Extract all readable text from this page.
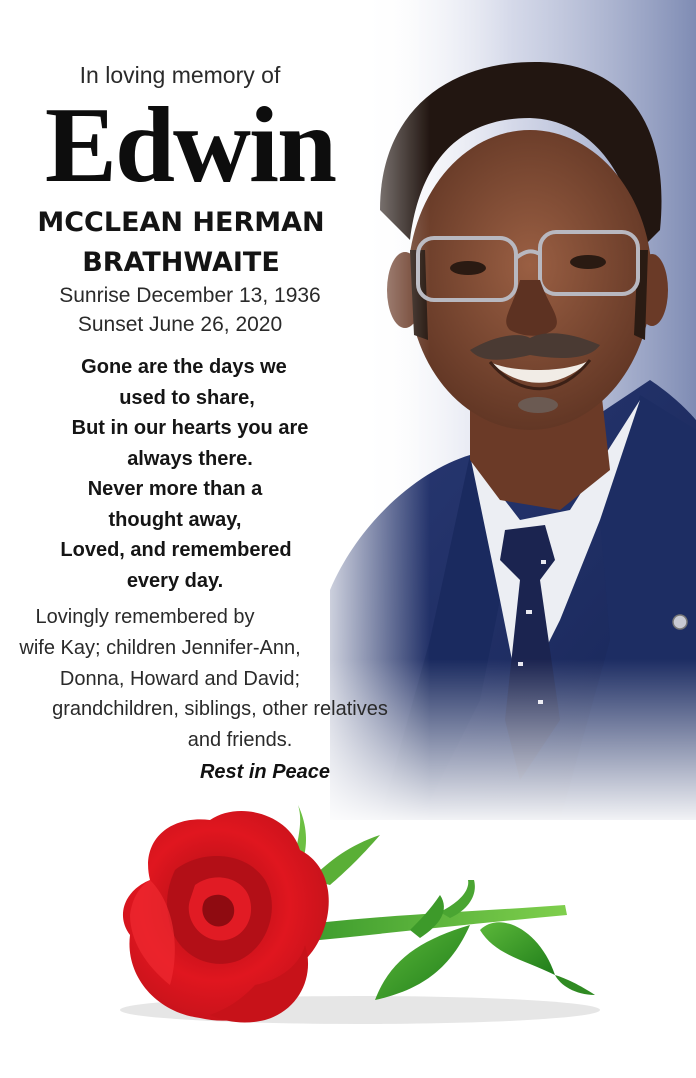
In loving memory of

Edwin
MCCLEAN HERMAN
BRATHWAITE

Sunrise December 13, 1936

Sunset June 26, 2020

Gone are the days we
used to share,
But in our hearts you are
always there.
Never more than a
thought away,
Loved, and remembered
every day.
Lovingly remembered by
wife Kay; children Jennifer-Ann,
Donna, Howard and David;
grandchildren, siblings, other relatives
and friends.

Rest in Peace
